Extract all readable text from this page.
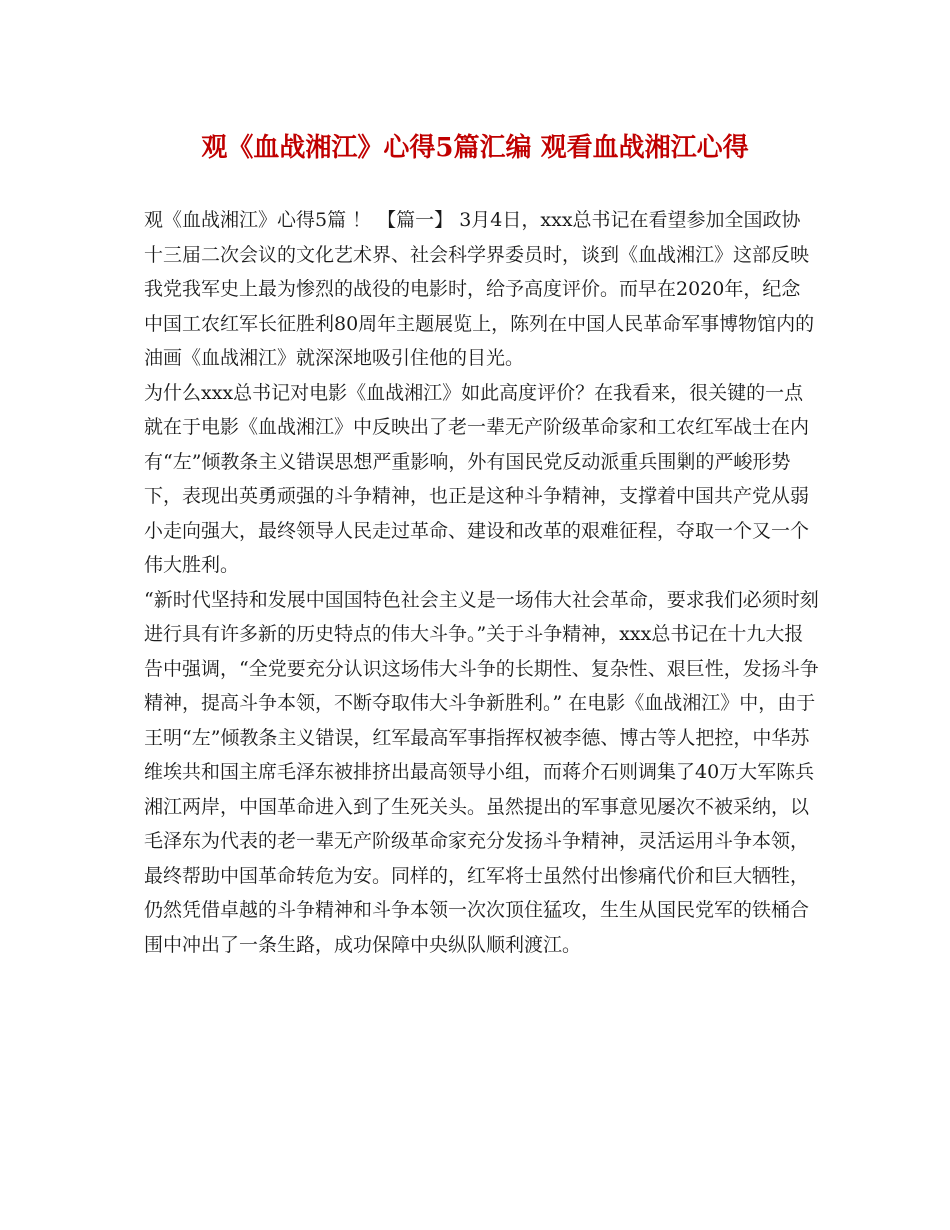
观《血战湘江》心得5篇汇编 观看血战湘江心得

观《血战湘江》心得5篇 ！ 【篇一】 3月4日，xxx总书记在看望参加全国政协十三届二次会议的文化艺术界、社会科学界委员时，谈到《血战湘江》这部反映我党我军史上最为惨烈的战役的电影时，给予高度评价。而早在2020年，纪念中国工农红军长征胜利80周年主题展览上，陈列在中国人民革命军事博物馆内的油画《血战湘江》就深深地吸引住他的目光。

为什么xxx总书记对电影《血战湘江》如此高度评价？在我看来，很关键的一点就在于电影《血战湘江》中反映出了老一辈无产阶级革命家和工农红军战士在内有“左”倾教条主义错误思想严重影响，外有国民党反动派重兵围剿的严峻形势下，表现出英勇顽强的斗争精神，也正是这种斗争精神，支撑着中国共产党从弱小走向强大，最终领导人民走过革命、建设和改革的艰难征程，夺取一个又一个伟大胜利。

“新时代坚持和发展中国国特色社会主义是一场伟大社会革命，要求我们必须时刻进行具有许多新的历史特点的伟大斗争。”关于斗争精神，xxx总书记在十九大报告中强调，“全党要充分认识这场伟大斗争的长期性、复杂性、艰巨性，发扬斗争精神，提高斗争本领，不断夺取伟大斗争新胜利。” 在电影《血战湘江》中，由于王明“左”倾教条主义错误，红军最高军事指挥权被李德、博古等人把控，中华苏维埃共和国主席毛泽东被排挤出最高领导小组，而蒋介石则调集了40万大军陈兵湘江两岸，中国革命进入到了生死关头。虽然提出的军事意见屡次不被采纳，以毛泽东为代表的老一辈无产阶级革命家充分发扬斗争精神，灵活运用斗争本领，最终帮助中国革命转危为安。同样的，红军将士虽然付出惨痛代价和巨大牺牲，仍然凭借卓越的斗争精神和斗争本领一次次顶住猛攻，生生从国民党军的铁桶合围中冲出了一条生路，成功保障中央纵队顺利渡江。
